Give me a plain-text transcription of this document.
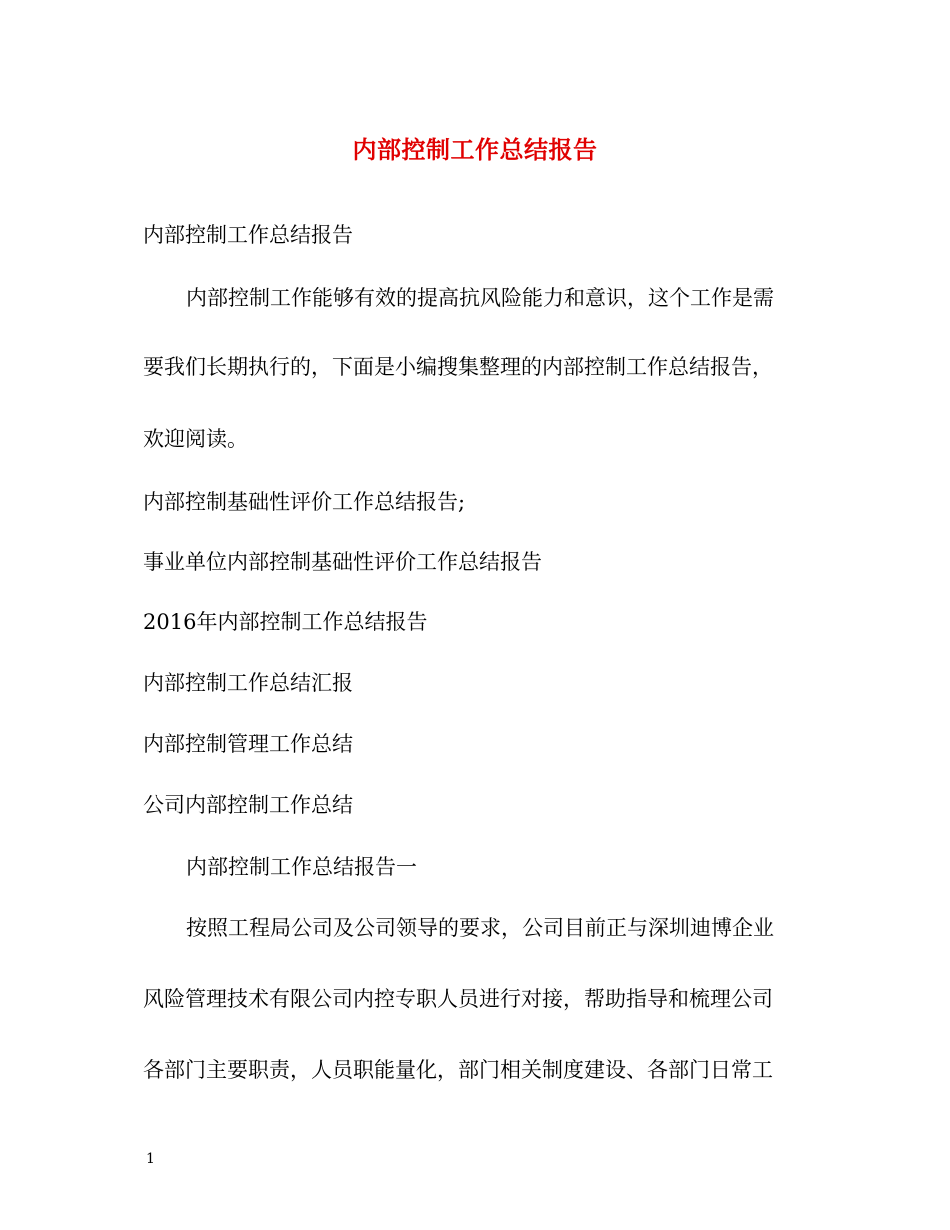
内部控制工作总结报告
内部控制工作总结报告
内部控制工作能够有效的提高抗风险能力和意识，这个工作是需
要我们长期执行的，下面是小编搜集整理的内部控制工作总结报告，
欢迎阅读。
内部控制基础性评价工作总结报告;
事业单位内部控制基础性评价工作总结报告
2016年内部控制工作总结报告
内部控制工作总结汇报
内部控制管理工作总结
公司内部控制工作总结
内部控制工作总结报告一
按照工程局公司及公司领导的要求，公司目前正与深圳迪博企业
风险管理技术有限公司内控专职人员进行对接，帮助指导和梳理公司
各部门主要职责，人员职能量化，部门相关制度建设、各部门日常工
1
